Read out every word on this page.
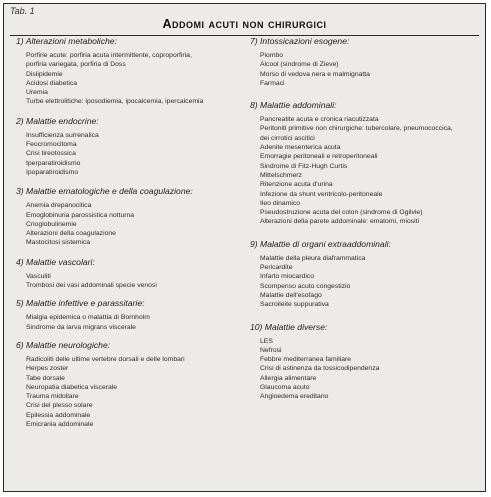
Tab. 1
Addomi acuti non chirurgici
1) Alterazioni metaboliche:
Porfirie acute: porfiria acuta intermittente, coproporfiria,
porfiria variegata, porfiria di Doss
Dislipidemie
Acidosi diabetica
Uremia
Turbe elettrolitiche: iposodiemia, ipocalcemia, ipercalcemia
2) Malattie endocrine:
Insufficienza surrenalica
Feocromocitoma
Crisi tireotossica
Iperparatiroidismo
Ipoparatiroidismo
3) Malattie ematologiche e della coagulazione:
Anemia drepanocitica
Emoglobinuria parossistica notturna
Crioglobulinemie
Alterazioni della coagulazione
Mastocitosi sistemica
4) Malattie vascolari:
Vasculiti
Trombosi dei vasi addominali specie venosi
5) Malattie infettive e parassitarie:
Mialgia epidemica o malattia di Bornholm
Sindrome da larva migrans viscerale
6) Malattie neurologiche:
Radicoliti delle ultime vertebre dorsali e delle lombari
Herpes zoster
Tabe dorsale
Neuropatia diabetica viscerale
Trauma midollare
Crisi del plesso solare
Epilessia addominale
Emicrania addominale
7) Intossicazioni esogene:
Piombo
Alcool (sindrome di Zieve)
Morso di vedova nera e malmignatta
Farmaci
8) Malattie addominali:
Pancreatite acuta e cronica riacutizzata
Peritoniti primitive non chirurgiche: tubercolare, pneumococcica,
dei cirrotici ascitici
Adenite mesenterica acuta
Emorragie peritoneali e retroperitoneali
Sindrome di Fitz-Hugh Curtis
Mittelschmerz
Ritenzione acuta d'urina
Infezione da shunt ventricolo-peritoneale
Ileo dinamico
Pseudostruzione acuta del colon (sindrome di Ogilvie)
Alterazioni della parete addominale: ematomi, miositi
9) Malattie di organi extraaddominali:
Malattie della pleura diaframmatica
Pericardite
Infarto miocardico
Scompenso acuto congestizio
Malattie dell'esofago
Sacroileite suppurativa
10) Malattie diverse:
LES
Nefrosi
Febbre mediterranea familiare
Crisi di astinenza da tossicodipendenza
Allergia alimentare
Glaucoma acuto
Angioedema ereditario
